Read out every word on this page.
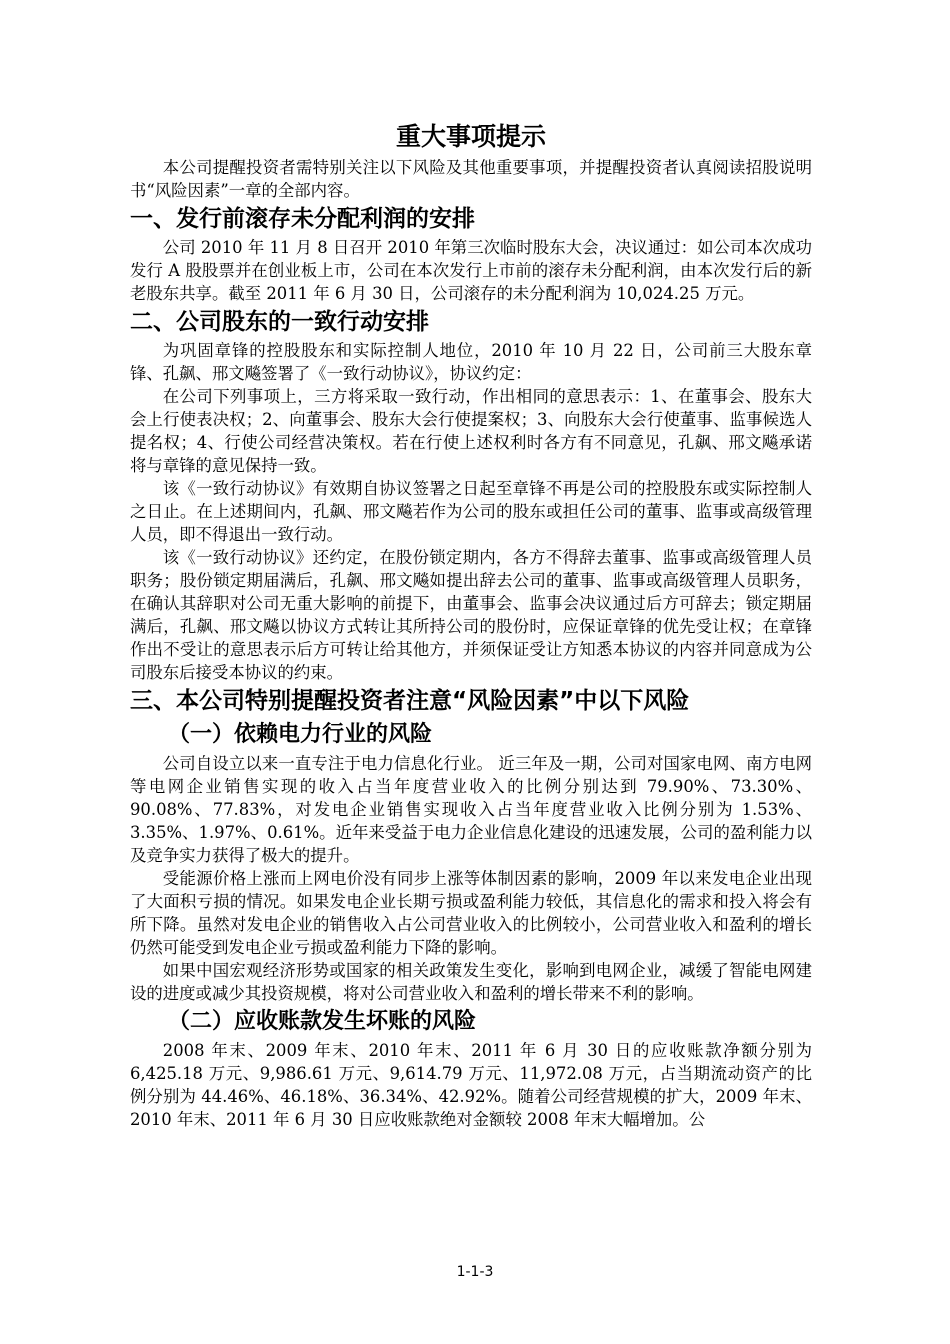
重大事项提示

本公司提醒投资者需特别关注以下风险及其他重要事项，并提醒投资者认真阅读招股说明书“风险因素”一章的全部内容。

一、发行前滚存未分配利润的安排

公司 2010 年 11 月 8 日召开 2010 年第三次临时股东大会，决议通过：如公司本次成功发行 A 股股票并在创业板上市，公司在本次发行上市前的滚存未分配利润，由本次发行后的新老股东共享。截至 2011 年 6 月 30 日，公司滚存的未分配利润为 10,024.25 万元。

二、公司股东的一致行动安排

为巩固章锋的控股股东和实际控制人地位，2010 年 10 月 22 日，公司前三大股东章锋、孔飙、邢文飚签署了《一致行动协议》，协议约定：

在公司下列事项上，三方将采取一致行动，作出相同的意思表示：1、在董事会、股东大会上行使表决权；2、向董事会、股东大会行使提案权；3、向股东大会行使董事、监事候选人提名权；4、行使公司经营决策权。若在行使上述权利时各方有不同意见，孔飙、邢文飚承诺将与章锋的意见保持一致。

该《一致行动协议》有效期自协议签署之日起至章锋不再是公司的控股股东或实际控制人之日止。在上述期间内，孔飙、邢文飚若作为公司的股东或担任公司的董事、监事或高级管理人员，即不得退出一致行动。

该《一致行动协议》还约定，在股份锁定期内，各方不得辞去董事、监事或高级管理人员职务；股份锁定期届满后，孔飙、邢文飚如提出辞去公司的董事、监事或高级管理人员职务，在确认其辞职对公司无重大影响的前提下，由董事会、监事会决议通过后方可辞去；锁定期届满后，孔飙、邢文飚以协议方式转让其所持公司的股份时，应保证章锋的优先受让权；在章锋作出不受让的意思表示后方可转让给其他方，并须保证受让方知悉本协议的内容并同意成为公司股东后接受本协议的约束。

三、本公司特别提醒投资者注意“风险因素”中以下风险
（一）依赖电力行业的风险

公司自设立以来一直专注于电力信息化行业。 近三年及一期，公司对国家电网、南方电网等电网企业销售实现的收入占当年度营业收入的比例分别达到 79.90%、73.30%、90.08%、77.83%，对发电企业销售实现收入占当年度营业收入比例分别为 1.53%、3.35%、1.97%、0.61%。近年来受益于电力企业信息化建设的迅速发展，公司的盈利能力以及竞争实力获得了极大的提升。

受能源价格上涨而上网电价没有同步上涨等体制因素的影响，2009 年以来发电企业出现了大面积亏损的情况。如果发电企业长期亏损或盈利能力较低，其信息化的需求和投入将会有所下降。虽然对发电企业的销售收入占公司营业收入的比例较小，公司营业收入和盈利的增长仍然可能受到发电企业亏损或盈利能力下降的影响。

如果中国宏观经济形势或国家的相关政策发生变化，影响到电网企业，减缓了智能电网建设的进度或减少其投资规模，将对公司营业收入和盈利的增长带来不利的影响。

（二）应收账款发生坏账的风险

2008 年末、2009 年末、2010 年末、2011 年 6 月 30 日的应收账款净额分别为 6,425.18 万元、9,986.61 万元、9,614.79 万元、11,972.08 万元，占当期流动资产的比例分别为 44.46%、46.18%、36.34%、42.92%。随着公司经营规模的扩大，2009 年末、2010 年末、2011 年 6 月 30 日应收账款绝对金额较 2008 年末大幅增加。公

1-1-3
